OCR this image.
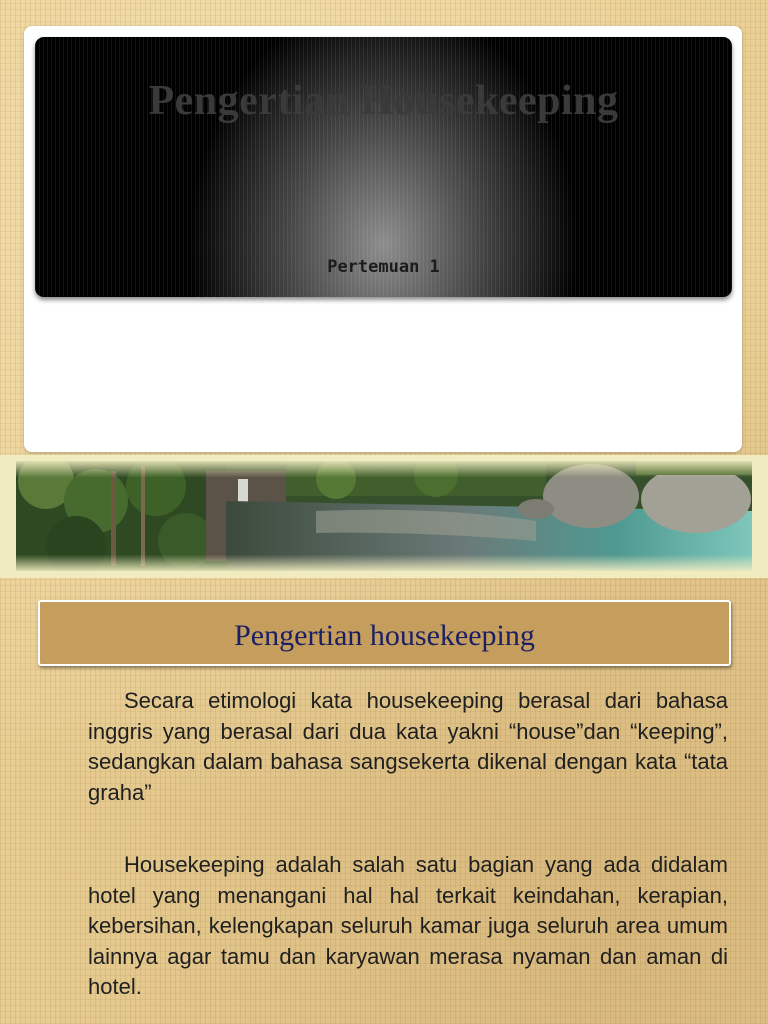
Pengertian Housekeeping

Pertemuan 1

Pengertian housekeeping

Secara etimologi kata housekeeping berasal dari bahasa inggris yang berasal dari dua kata yakni “house”dan “keeping”, sedangkan dalam bahasa sangsekerta dikenal dengan kata “tata graha”

Housekeeping adalah salah satu bagian yang ada didalam hotel yang menangani hal hal terkait keindahan, kerapian, kebersihan, kelengkapan seluruh kamar juga seluruh area umum lainnya agar tamu dan karyawan merasa nyaman dan aman di hotel.
